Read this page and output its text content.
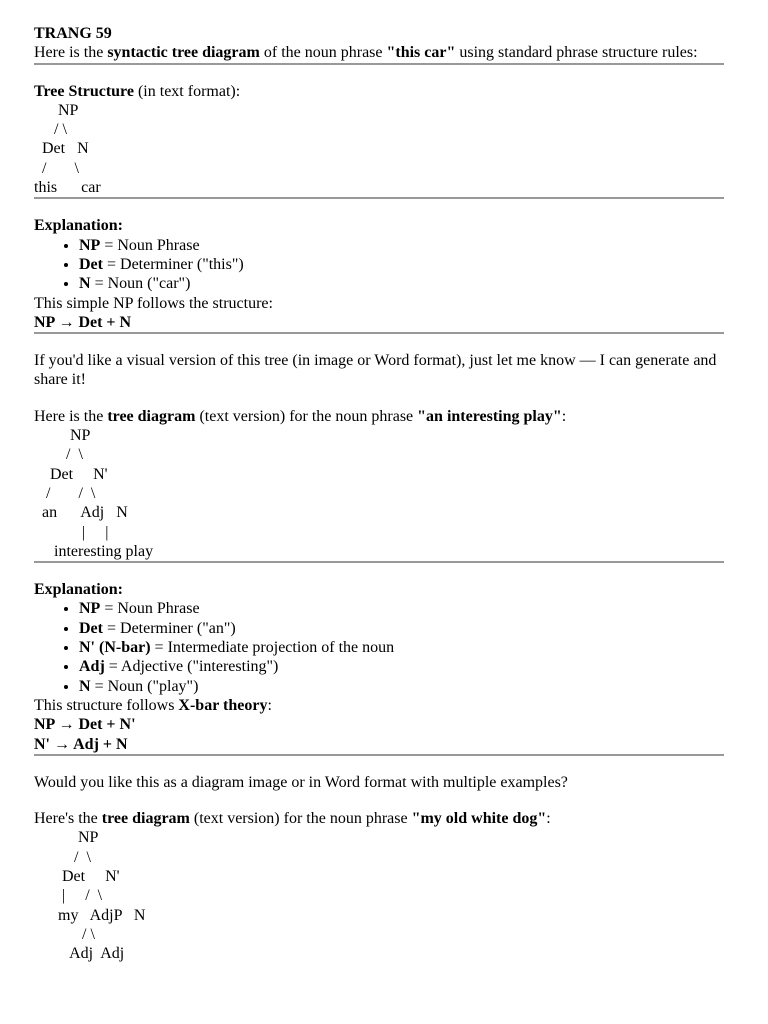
TRANG 59

Here is the syntactic tree diagram of the noun phrase "this car" using standard phrase structure rules:

Tree Structure (in text format):

NP
/ \
Det   N
/       \
this      car

Explanation:

• NP = Noun Phrase
• Det = Determiner ("this")
• N = Noun ("car")

This simple NP follows the structure:

NP → Det + N

If you'd like a visual version of this tree (in image or Word format), just let me know — I can generate and share it!

Here is the tree diagram (text version) for the noun phrase "an interesting play":

NP
/  \
Det     N'
/       /  \
an      Adj   N
|     |
interesting play

Explanation:

• NP = Noun Phrase
• Det = Determiner ("an")
• N' (N-bar) = Intermediate projection of the noun
• Adj = Adjective ("interesting")
• N = Noun ("play")

This structure follows X-bar theory:

NP → Det + N'

N' → Adj + N

Would you like this as a diagram image or in Word format with multiple examples?

Here's the tree diagram (text version) for the noun phrase "my old white dog":

NP
/  \
Det     N'
|     /  \
my   AdjP   N
/ \
Adj  Adj
